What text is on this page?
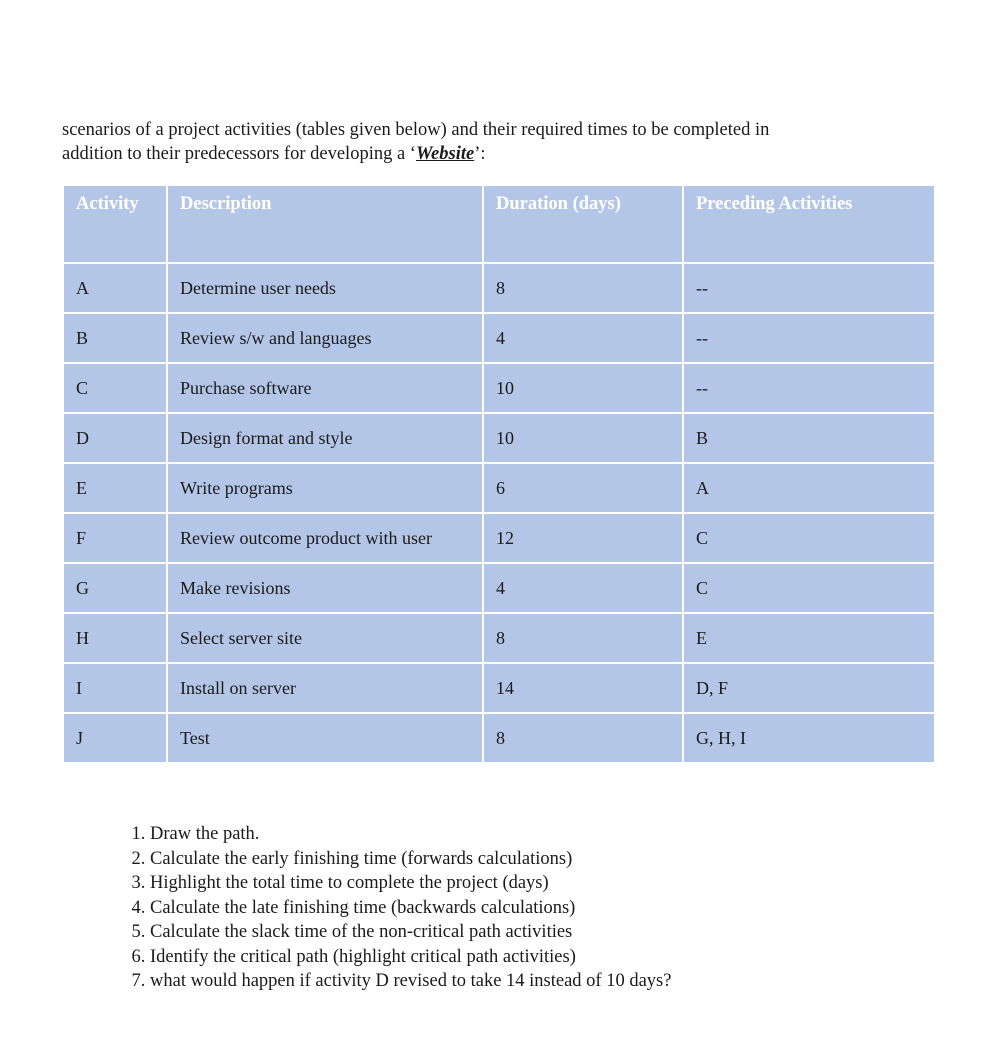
scenarios of a project activities (tables given below) and their required times to be completed in
addition to their predecessors for developing a ‘Website’:
Activity	Description	Duration (days)	Preceding Activities
A	Determine user needs	8	--
B	Review s/w and languages	4	--
C	Purchase software	10	--
D	Design format and style	10	B
E	Write programs	6	A
F	Review outcome product with user	12	C
G	Make revisions	4	C
H	Select server site	8	E
I	Install on server	14	D, F
J	Test	8	G, H, I
1. Draw the path.
2. Calculate the early finishing time (forwards calculations)
3. Highlight the total time to complete the project (days)
4. Calculate the late finishing time (backwards calculations)
5. Calculate the slack time of the non-critical path activities
6. Identify the critical path (highlight critical path activities)
7. what would happen if activity D revised to take 14 instead of 10 days?
